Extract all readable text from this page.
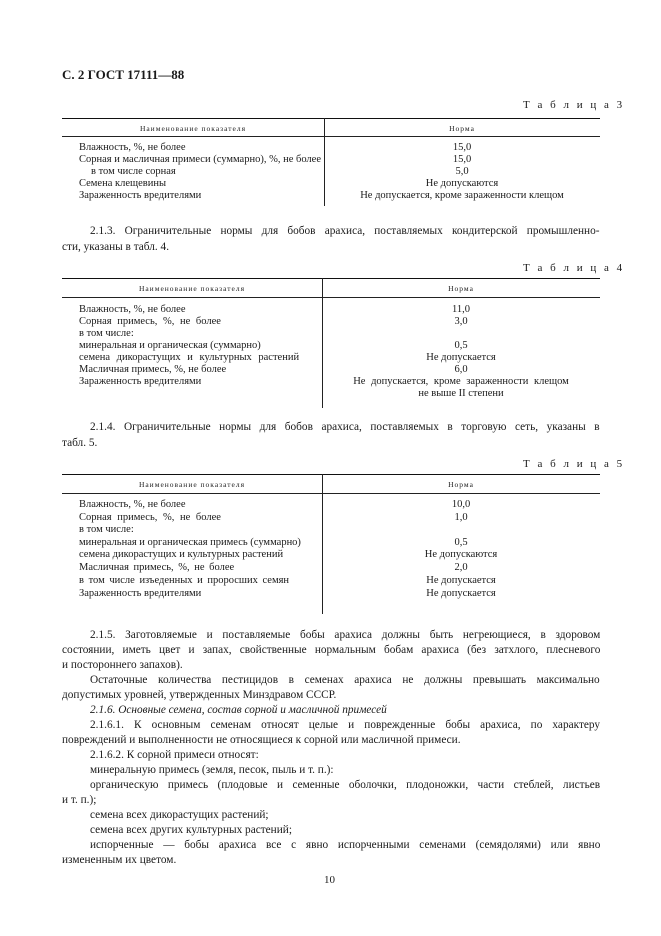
С. 2 ГОСТ 17111—88
Т а б л и ц а 3
Наименование показателя	Норма
Влажность, %, не более	15,0
Сорная и масличная примеси (суммарно), %, не более	15,0
в том числе сорная	5,0
Семена клещевины	Не допускаются
Зараженность вредителями	Не допускается, кроме зараженности клещом
2.1.3. Ограничительные нормы для бобов арахиса, поставляемых кондитерской промышленно-
сти, указаны в табл. 4.
Т а б л и ц а 4
Наименование показателя	Норма
Влажность, %, не более	11,0
Сорная примесь, %, не более	3,0
в том числе:
минеральная и органическая (суммарно)	0,5
семена дикорастущих и культурных растений	Не допускается
Масличная примесь, %, не более	6,0
Зараженность вредителями	Не допускается, кроме зараженности клещом
не выше II степени
2.1.4. Ограничительные нормы для бобов арахиса, поставляемых в торговую сеть, указаны в
табл. 5.
Т а б л и ц а 5
Наименование показателя	Норма
Влажность, %, не более	10,0
Сорная примесь, %, не более	1,0
в том числе:
минеральная и органическая примесь (суммарно)	0,5
семена дикорастущих и культурных растений	Не допускаются
Масличная примесь, %, не более	2,0
в том числе изъеденных и проросших семян	Не допускается
Зараженность вредителями	Не допускается
2.1.5. Заготовляемые и поставляемые бобы арахиса должны быть негреющиеся, в здоровом
состоянии, иметь цвет и запах, свойственные нормальным бобам арахиса (без затхлого, плесневого
и постороннего запахов).
Остаточные количества пестицидов в семенах арахиса не должны превышать максимально
допустимых уровней, утвержденных Минздравом СССР.
2.1.6. Основные семена, состав сорной и масличной примесей
2.1.6.1. К основным семенам относят целые и поврежденные бобы арахиса, по характеру
повреждений и выполненности не относящиеся к сорной или масличной примеси.
2.1.6.2. К сорной примеси относят:
минеральную примесь (земля, песок, пыль и т. п.):
органическую примесь (плодовые и семенные оболочки, плодоножки, части стеблей, листьев
и т. п.);
семена всех дикорастущих растений;
семена всех других культурных растений;
испорченные — бобы арахиса все с явно испорченными семенами (семядолями) или явно
измененным их цветом.
10
